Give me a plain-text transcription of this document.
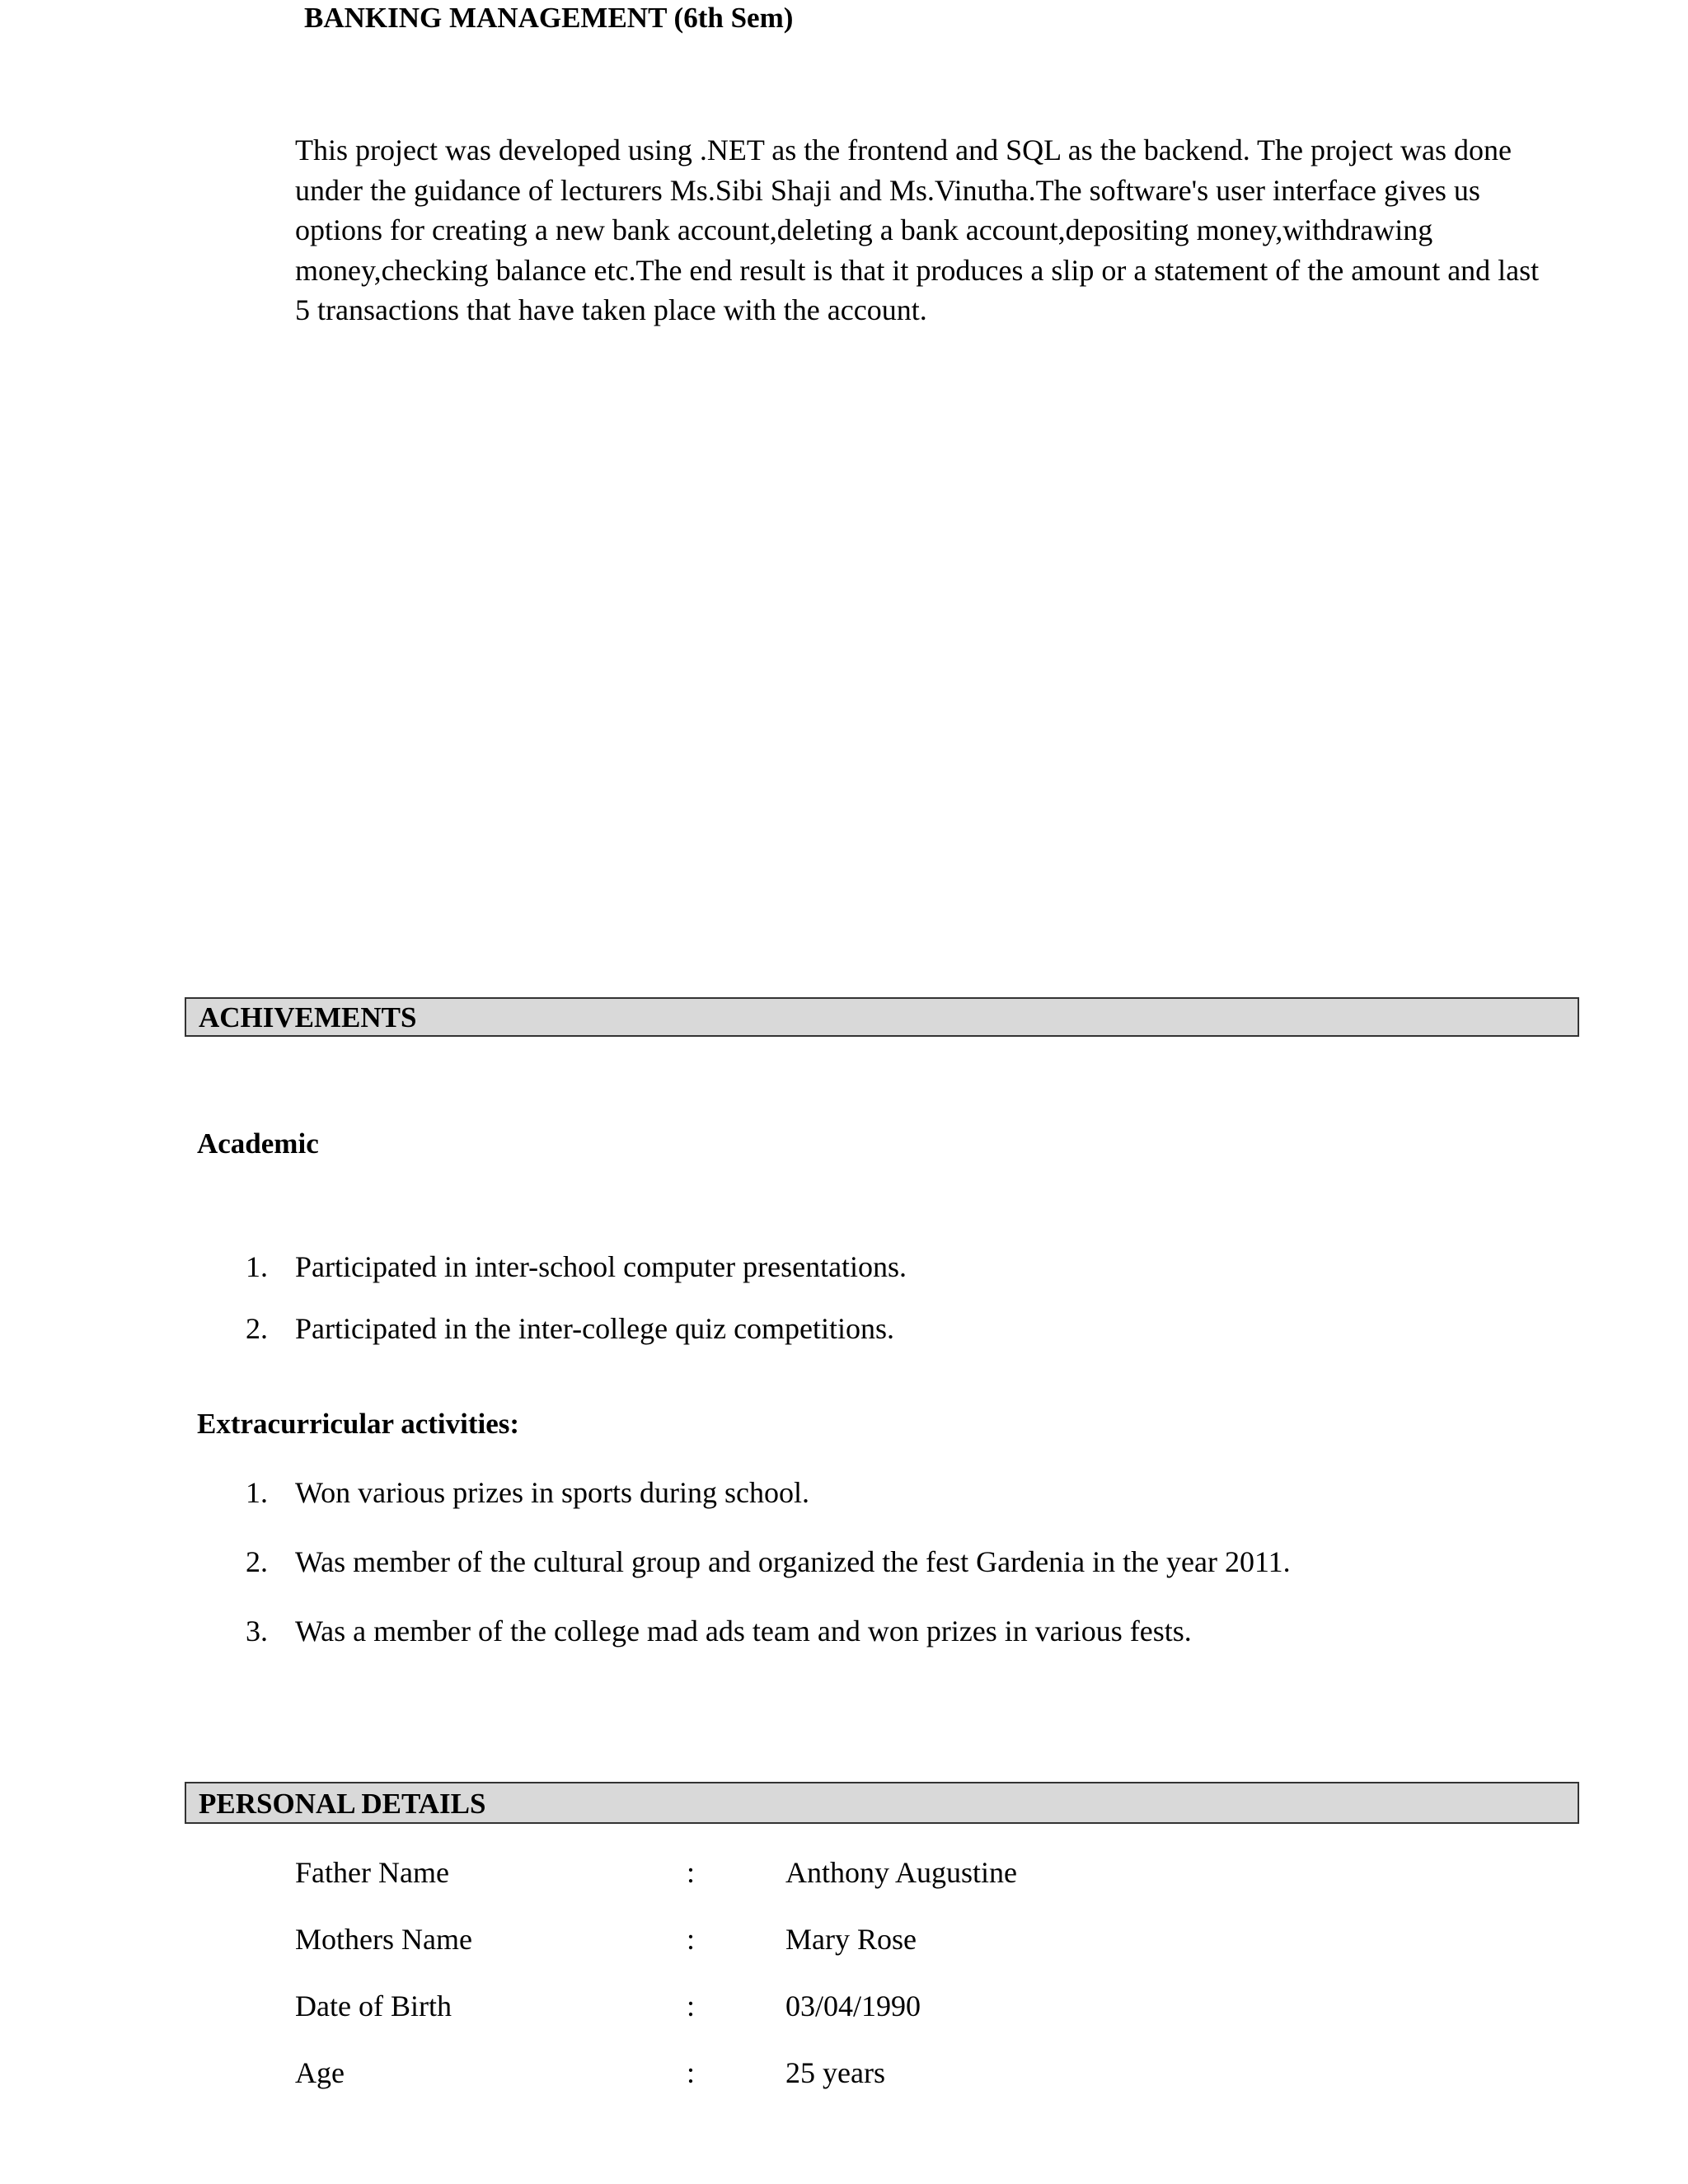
BANKING MANAGEMENT (6th Sem)
This project was developed using .NET as the frontend and SQL as the backend. The project was done
under the guidance of lecturers Ms.Sibi Shaji and Ms.Vinutha.The software's user interface gives us
options for creating a new bank account,deleting a bank account,depositing money,withdrawing
money,checking balance etc.The end result is that it produces a slip or a statement of the amount and last
5 transactions that have taken place with the account.
ACHIVEMENTS
Academic
1. Participated in inter-school computer presentations.
2. Participated in the inter-college quiz competitions.
Extracurricular activities:
1. Won various prizes in sports during school.
2. Was member of the cultural group and organized the fest Gardenia in the year 2011.
3. Was a member of the college mad ads team and won prizes in various fests.
PERSONAL DETAILS
Father Name	:	Anthony Augustine
Mothers Name	:	Mary Rose
Date of Birth	:	03/04/1990
Age	:	25 years
